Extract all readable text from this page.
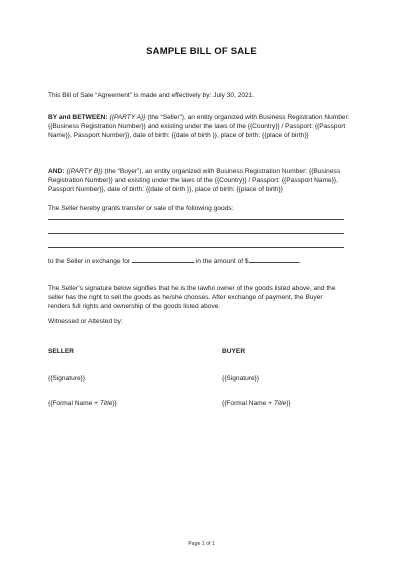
SAMPLE BILL OF SALE
This Bill of Sale “Agreement” is made and effectively by: July 30, 2021.
BY and BETWEEN: {{PARTY A}} (the “Seller”), an entity organized with Business Registration Number:
{{Business Registration Number}} and existing under the laws of the {{Country}} / Passport: {{Passport
Name}}, Passport Number}}, date of birth: {{date of birth }}, place of birth: {{place of birth}}
AND: {{PARTY B}} (the “Buyer”), an entity organized with Business Registration Number: {{Business
Registration Number}} and existing under the laws of the {{Country}} / Passport: {{Passport Name}},
Passport Number}}, date of birth: {{date of birth }}, place of birth: {{place of birth}}
The Seller hereby grants transfer or sale of the following goods:
to the Seller in exchange for	in the amount of $	.
The Seller’s signature below signifies that he is the lawful owner of the goods listed above, and the
seller has the right to sell the goods as he/she chooses. After exchange of payment, the Buyer
renders full rights and ownership of the goods listed above.
Witnessed or Attested by:
SELLER	BUYER
{{Signature}}	{{Signature}}
{{Formal Name + Title}}	{{Formal Name + Title}}
Page 1 of 1
